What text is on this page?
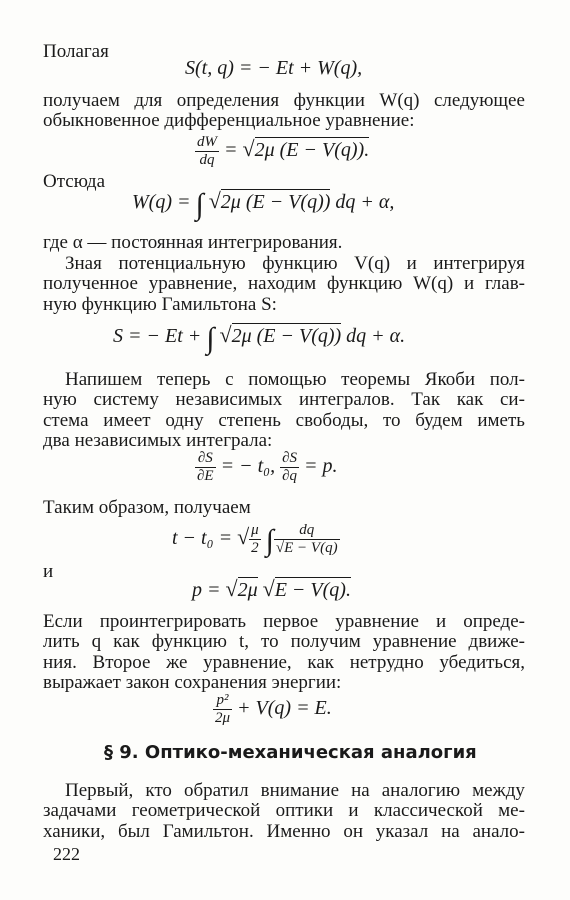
Полагая
S(t, q) = − Et + W(q),
получаем для определения функции W(q) следующее
обыкновенное дифференциальное уравнение:
$\frac{dW}{dq} = √2\mu$ (E − V(q)).
Отсюда
W(q) = ∫ √2μ (E − V(q)) dq + α,
где α — постоянная интегрирования.
Зная потенциальную функцию V(q) и интегрируя
полученное уравнение, находим функцию W(q) и глав-
ную функцию Гамильтона S:
S = − Et + ∫ √2μ (E − V(q)) dq + α.
Напишем теперь с помощью теоремы Якоби пол-
ную систему независимых интегралов. Так как си-
стема имеет одну степень свободы, то будем иметь
два независимых интеграла:
$\frac{\partial S}{\partial E}$ = − t₀, $\frac{\partial S}{\partial q} = p$.
Таким образом, получаем
t − t₀ = √ $\frac{\mu}{2}$ ∫ $\frac{dq}{√E - V(q)}$
и
p = √2μ √E − V(q).
Если проинтегрировать первое уравнение и опреде-
лить q как функцию t, то получим уравнение движе-
ния. Второе же уравнение, как нетрудно убедиться,
выражает закон сохранения энергии:
$\frac{\text{p²}}{2\mu} + V(q) = E$.
§ 9. Оптико-механическая аналогия
Первый, кто обратил внимание на аналогию между
задачами геометрической оптики и классической ме-
ханики, был Гамильтон. Именно он указал на анало-
222
